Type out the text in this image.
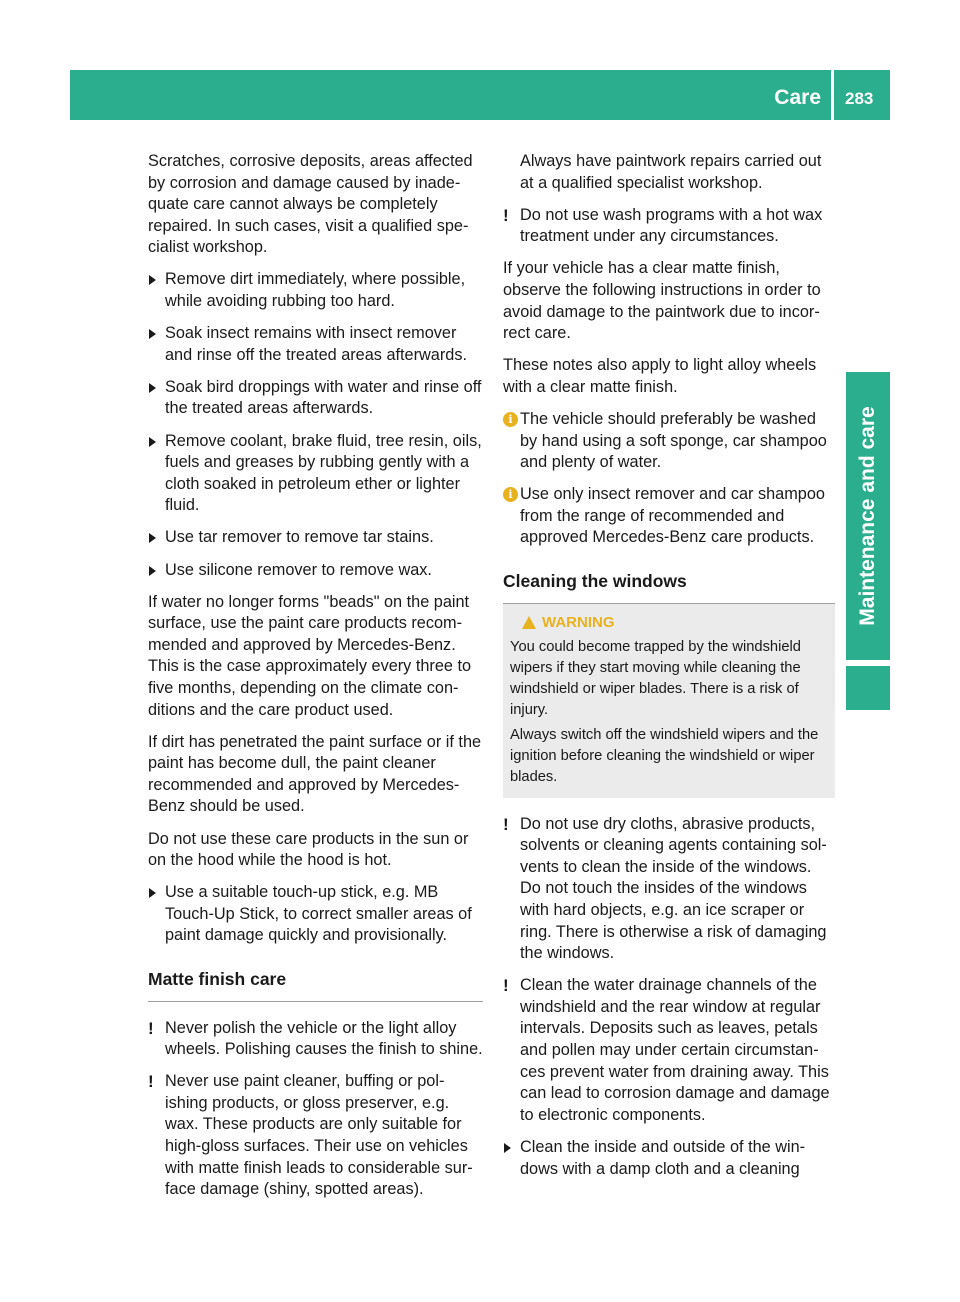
Care 283
Maintenance and care

Scratches, corrosive deposits, areas affected by corrosion and damage caused by inade-quate care cannot always be completely repaired. In such cases, visit a qualified spe-cialist workshop.

Remove dirt immediately, where possible, while avoiding rubbing too hard.
Soak insect remains with insect remover and rinse off the treated areas afterwards.
Soak bird droppings with water and rinse off the treated areas afterwards.
Remove coolant, brake fluid, tree resin, oils, fuels and greases by rubbing gently with a cloth soaked in petroleum ether or lighter fluid.
Use tar remover to remove tar stains.
Use silicone remover to remove wax.

If water no longer forms "beads" on the paint surface, use the paint care products recom-mended and approved by Mercedes-Benz. This is the case approximately every three to five months, depending on the climate con-ditions and the care product used.

If dirt has penetrated the paint surface or if the paint has become dull, the paint cleaner recommended and approved by Mercedes-Benz should be used.

Do not use these care products in the sun or on the hood while the hood is hot.

Use a suitable touch-up stick, e.g. MB Touch-Up Stick, to correct smaller areas of paint damage quickly and provisionally.
Matte finish care
! Never polish the vehicle or the light alloy wheels. Polishing causes the finish to shine.
! Never use paint cleaner, buffing or pol-ishing products, or gloss preserver, e.g. wax. These products are only suitable for high-gloss surfaces. Their use on vehicles with matte finish leads to considerable sur-face damage (shiny, spotted areas).
Always have paintwork repairs carried out at a qualified specialist workshop.
! Do not use wash programs with a hot wax treatment under any circumstances.

If your vehicle has a clear matte finish, observe the following instructions in order to avoid damage to the paintwork due to incor-rect care.

These notes also apply to light alloy wheels with a clear matte finish.

i The vehicle should preferably be washed by hand using a soft sponge, car shampoo and plenty of water.
i Use only insect remover and car shampoo from the range of recommended and approved Mercedes-Benz care products.
Cleaning the windows
WARNING

You could become trapped by the windshield wipers if they start moving while cleaning the windshield or wiper blades. There is a risk of injury.

Always switch off the windshield wipers and the ignition before cleaning the windshield or wiper blades.

! Do not use dry cloths, abrasive products, solvents or cleaning agents containing sol-vents to clean the inside of the windows. Do not touch the insides of the windows with hard objects, e.g. an ice scraper or ring. There is otherwise a risk of damaging the windows.
! Clean the water drainage channels of the windshield and the rear window at regular intervals. Deposits such as leaves, petals and pollen may under certain circumstan-ces prevent water from draining away. This can lead to corrosion damage and damage to electronic components.
Clean the inside and outside of the win-dows with a damp cloth and a cleaning
